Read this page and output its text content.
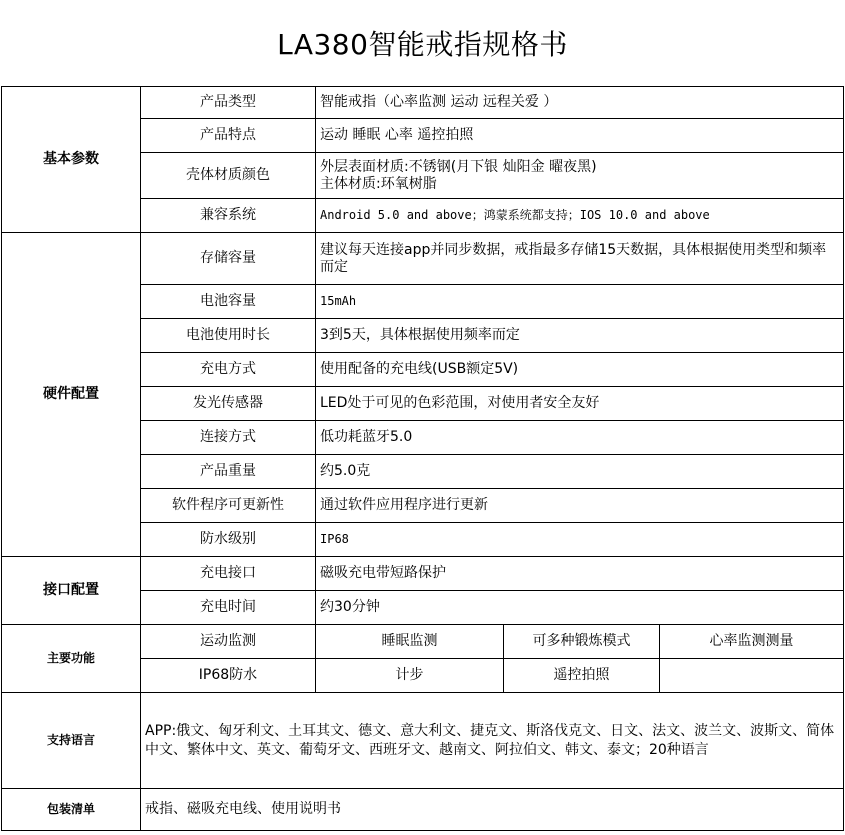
LA380智能戒指规格书
基本参数	产品类型	智能戒指（心率监测 运动 远程关爱 ）		
	产品特点	运动 睡眠 心率 遥控拍照		
	壳体材质颜色	外层表面材质:不锈钢(月下银 灿阳金 曜夜黑)
主体材质:环氧树脂		

	兼容系统	Android 5.0 and above；鸿蒙系统都支持；IOS 10.0 and above		
硬件配置	存储容量	建议每天连接app并同步数据，戒指最多存储15天数据，具体根据使用类型和频率而定		
	电池容量	15mAh		
	电池使用时长	3到5天，具体根据使用频率而定		
	充电方式	使用配备的充电线(USB额定5V)		
	发光传感器	LED处于可见的色彩范围，对使用者安全友好		
	连接方式	低功耗蓝牙5.0		
	产品重量	约5.0克		
	软件程序可更新性	通过软件应用程序进行更新		
	防水级别	IP68		
接口配置	充电接口	磁吸充电带短路保护		
	充电时间	约30分钟		
主要功能	运动监测	睡眠监测	可多种锻炼模式	心率监测测量
	IP68防水	计步	遥控拍照	
支持语言	APP:俄文、匈牙利文、土耳其文、德文、意大利文、捷克文、斯洛伐克文、日文、法文、波兰文、波斯文、简体中文、繁体中文、英文、葡萄牙文、西班牙文、越南文、阿拉伯文、韩文、泰文；20种语言			
包装清单	戒指、磁吸充电线、使用说明书			
